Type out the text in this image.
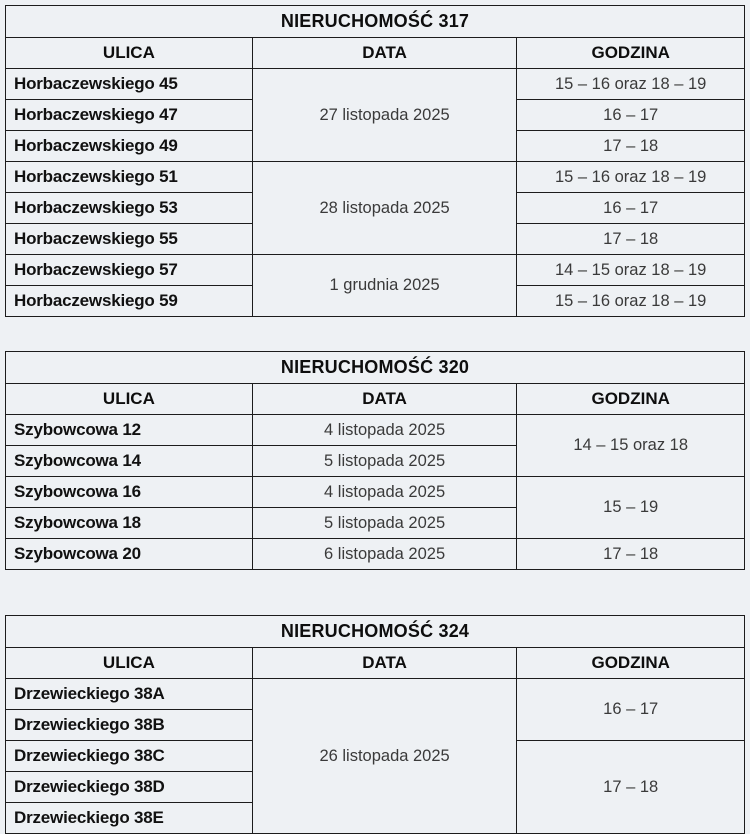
NIERUCHOMOŚĆ 317		
ULICA	DATA	GODZINA
Horbaczewskiego 45	27 listopada 2025	15 – 16 oraz 18 – 19
Horbaczewskiego 47		16 – 17
Horbaczewskiego 49		17 – 18
Horbaczewskiego 51	28 listopada 2025	15 – 16 oraz 18 – 19
Horbaczewskiego 53		16 – 17
Horbaczewskiego 55		17 – 18
Horbaczewskiego 57	1 grudnia 2025	14 – 15 oraz 18 – 19
Horbaczewskiego 59		15 – 16 oraz 18 – 19
NIERUCHOMOŚĆ 320		
ULICA	DATA	GODZINA
Szybowcowa 12	4 listopada 2025	14 – 15 oraz 18
Szybowcowa 14	5 listopada 2025	
Szybowcowa 16	4 listopada 2025	15 – 19
Szybowcowa 18	5 listopada 2025	
Szybowcowa 20	6 listopada 2025	17 – 18
NIERUCHOMOŚĆ 324		
ULICA	DATA	GODZINA
Drzewieckiego 38A	26 listopada 2025	16 – 17
Drzewieckiego 38B		
Drzewieckiego 38C		17 – 18
Drzewieckiego 38D		
Drzewieckiego 38E		
